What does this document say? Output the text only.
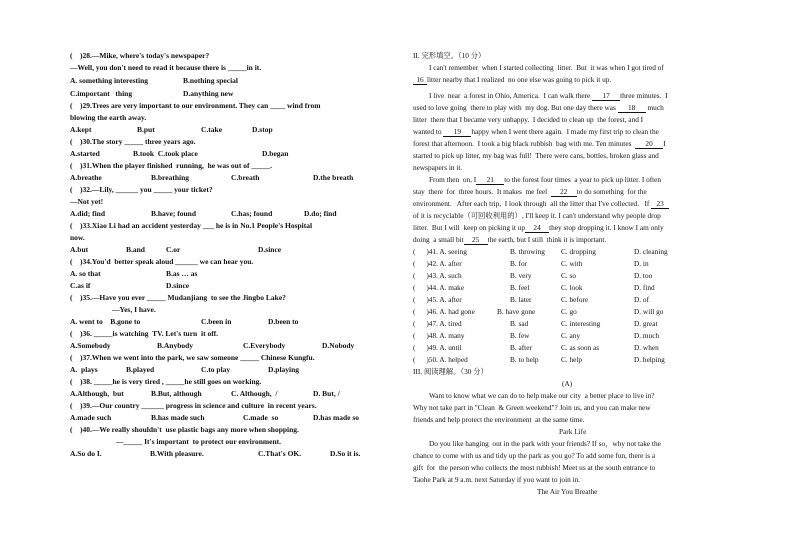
(    )28.—Mike, where's today's newspaper?
—Well, you don't need to read it because there is _____in it.
A. something interesting	B.nothing special
C.important   thing	D.anything new
(    )29.Trees are very important to our environment. They can ____ wind from
blowing the earth away.
A.kept	B.put	C.take	D.stop
(    )30.The story _____ three years ago.
A.started	B.took  C.took place	D.began
(    )31.When the player finished  running,  he was out of _____.
A.breathe	B.breathing	C.breath	D.the breath
(    )32.—Lily, ______ you _____ your ticket?
—Not yet!
A.did; find	B.have; found	C.has; found	D.do; find
(    )33.Xiao Li had an accident yesterday ___ he is in No.1 People's Hospital
now.
A.but	B.and	C.or	D.since
(    )34.You'd  better speak aloud ______ we can hear you.
A. so that	B.as … as
C.as if	D.since
(    )35.—Have you ever _____ Mudanjiang  to see the Jingbo Lake?
—Yes, I have.
A. went to    B.gone to	C.been in	D.been to
(    )36. _____is watching  TV. Let's turn  it off.
A.Somebody	B.Anybody	C.Everybody	D.Nobody
(    )37.When we went into the park, we saw someone _____ Chinese Kungfu.
A.  plays	B.played	C.to play	D.playing
(    )38. _____he is very tired , _____he still goes on working.
A.Although,  but	B.But, although	C. Although,  /	D. But, /
(    )39.—Our country ______ progress in science and culture  in recent years.
A.made such	B.has made such	C.made  so	D.has made so
(    )40.—We really shouldn't  use plastic bags any more when shopping.
—_____ It's important  to protect our environment.
A.So do I.	B.With pleasure.	C.That's OK.	D.So it is.
II. 完形填空。（10 分）
I can't remember  when I started collecting  litter.  But  it was when I got tired of
16 litter nearby that I realized  no one else was going to pick it up.
I live  near  a forest in Ohio, America.  I can walk there 17 three minutes.  I
used to love going  there to play with  my dog. But one day there was 18 much
litter  there that I became very unhappy.  I decided to clean up  the forest, and I
wanted to 19 happy when I went there again.  I made my first trip to clean the
forest that afternoon.  I took a big black rubbish  bag with me. Ten minutes  20 I
started to pick up litter, my bag was full!  There were cans, bottles, broken glass and
newspapers in it.
From then  on, I 21 to the forest four times  a year to pick up litter. I often
stay  there  for  three hours.  It makes  me feel  22 to do something  for the
environment.   After each trip,  I look through  all the litter that I've collected.   If 23
of it is recyclable（可回收利用的）, I'll keep it. I can't understand why people drop
litter.  But I will  keep on picking it up 24 they stop dropping it. I know I am only
doing  a small bit 25 the earth, but I still  think it is important.
(      )41. A. seeing	B. throwing C. dropping	D. cleaning
(      )42. A. after	B. for	C. with	D. in
(      )43. A. such	B. very	C. so	D. too
(      )44. A. make	B. feel	C. look	D. find
(      )45. A. after	B. later	C. before	D. of
(      )46. A. had gone	B. have gone	C. go	D. will go
(      )47. A. tired	B. sad	C. interesting	D. great
(      )48. A. many	B. few	C. any	D. much
(      )49. A. until	B. after	C. as soon as	D. when
(      )50. A. helped	B. to help	C. help	D. helping
III. 阅读理解。（30 分）
(A)
Want to know what we can do to help make our city  a better place to live in?
Why not take part in "Clean  & Green weekend"? Join us, and you can make new
friends and help protect the environment  at the same time.
Park Life
Do you like hanging  out in the park with your friends? If so，why not take the
chance to come with us and tidy up the park as you go? To add some fun, there is a
gift  for  the person who collects the most rubbish! Meet us at the south entrance to
Taohe Park at 9 a.m. next Saturday if you want to join in.
The Air You Breathe
